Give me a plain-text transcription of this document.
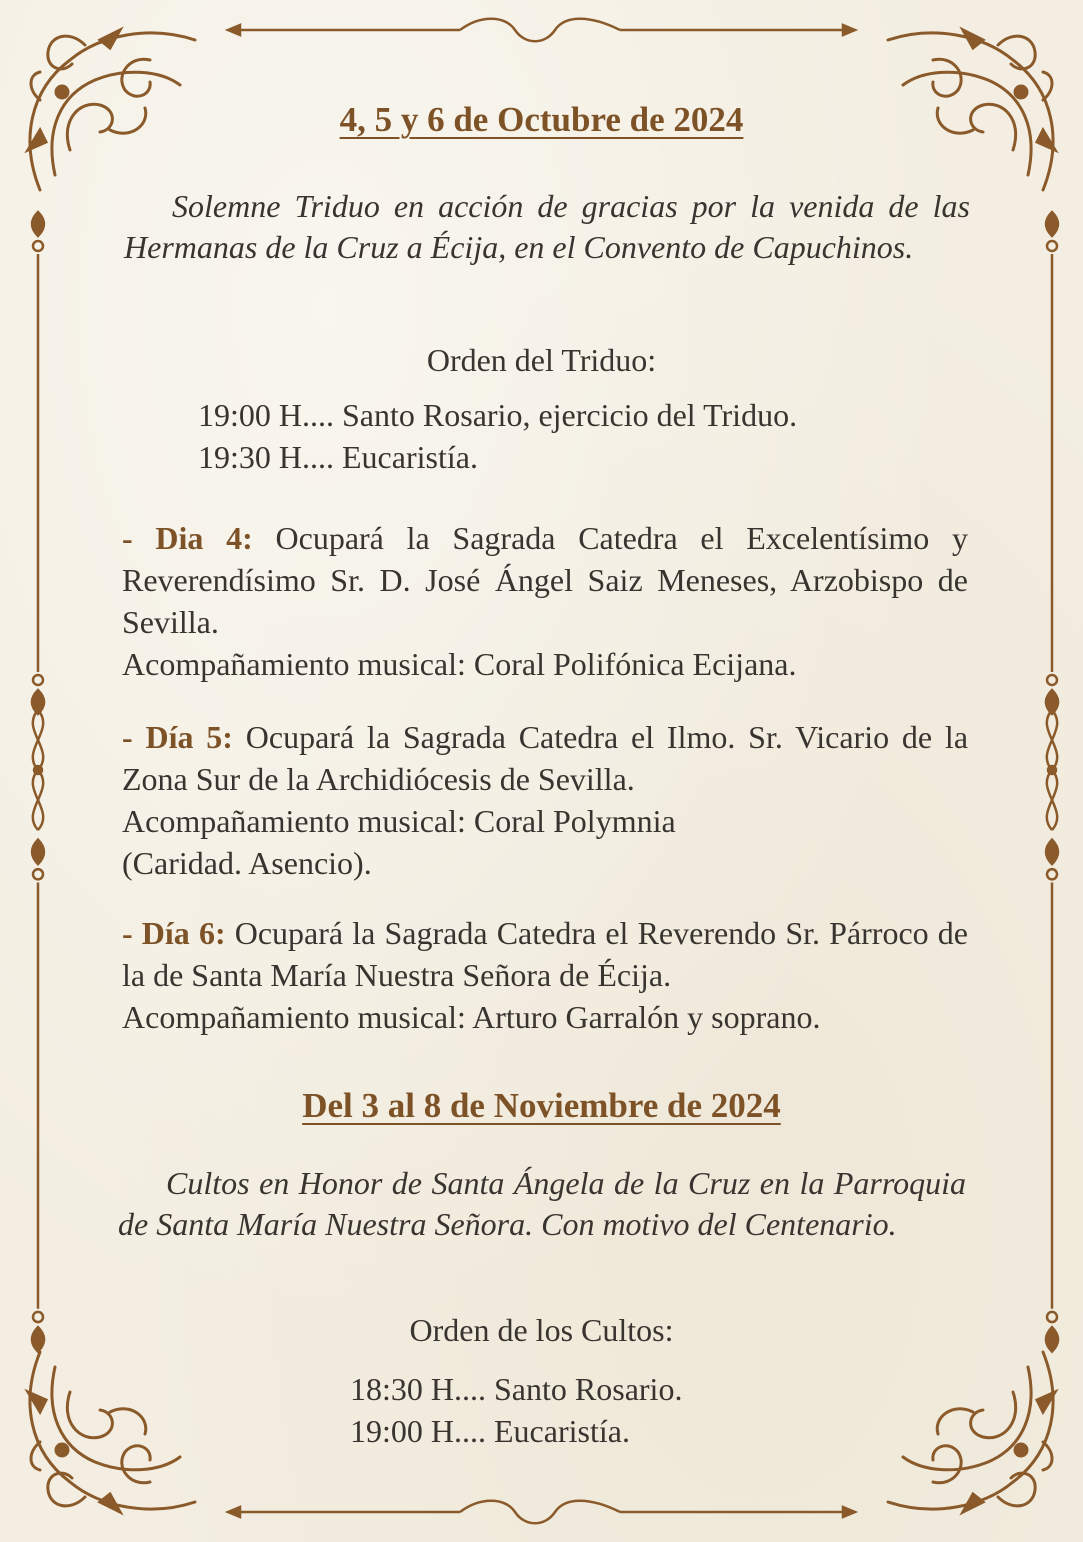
4, 5 y 6 de Octubre de 2024
Solemne Triduo en acción de gracias por la venida de las Hermanas de la Cruz a Écija, en el Convento de Capuchinos.
Orden del Triduo:
19:00 H.... Santo Rosario, ejercicio del Triduo.
19:30 H.... Eucaristía.
- Dia 4: Ocupará la Sagrada Catedra el Excelentísimo y Reverendísimo Sr. D. José Ángel Saiz Meneses, Arzobispo de Sevilla.
Acompañamiento musical: Coral Polifónica Ecijana.
- Día 5: Ocupará la Sagrada Catedra el Ilmo. Sr. Vicario de la Zona Sur de la Archidiócesis de Sevilla.
Acompañamiento musical: Coral Polymnia (Caridad. Asencio).
- Día 6: Ocupará la Sagrada Catedra el Reverendo Sr. Párroco de la de Santa María Nuestra Señora de Écija.
Acompañamiento musical: Arturo Garralón y soprano.
Del 3 al 8 de Noviembre de 2024
Cultos en Honor de Santa Ángela de la Cruz en la Parroquia de Santa María Nuestra Señora. Con motivo del Centenario.
Orden de los Cultos:
18:30 H.... Santo Rosario.
19:00 H.... Eucaristía.
